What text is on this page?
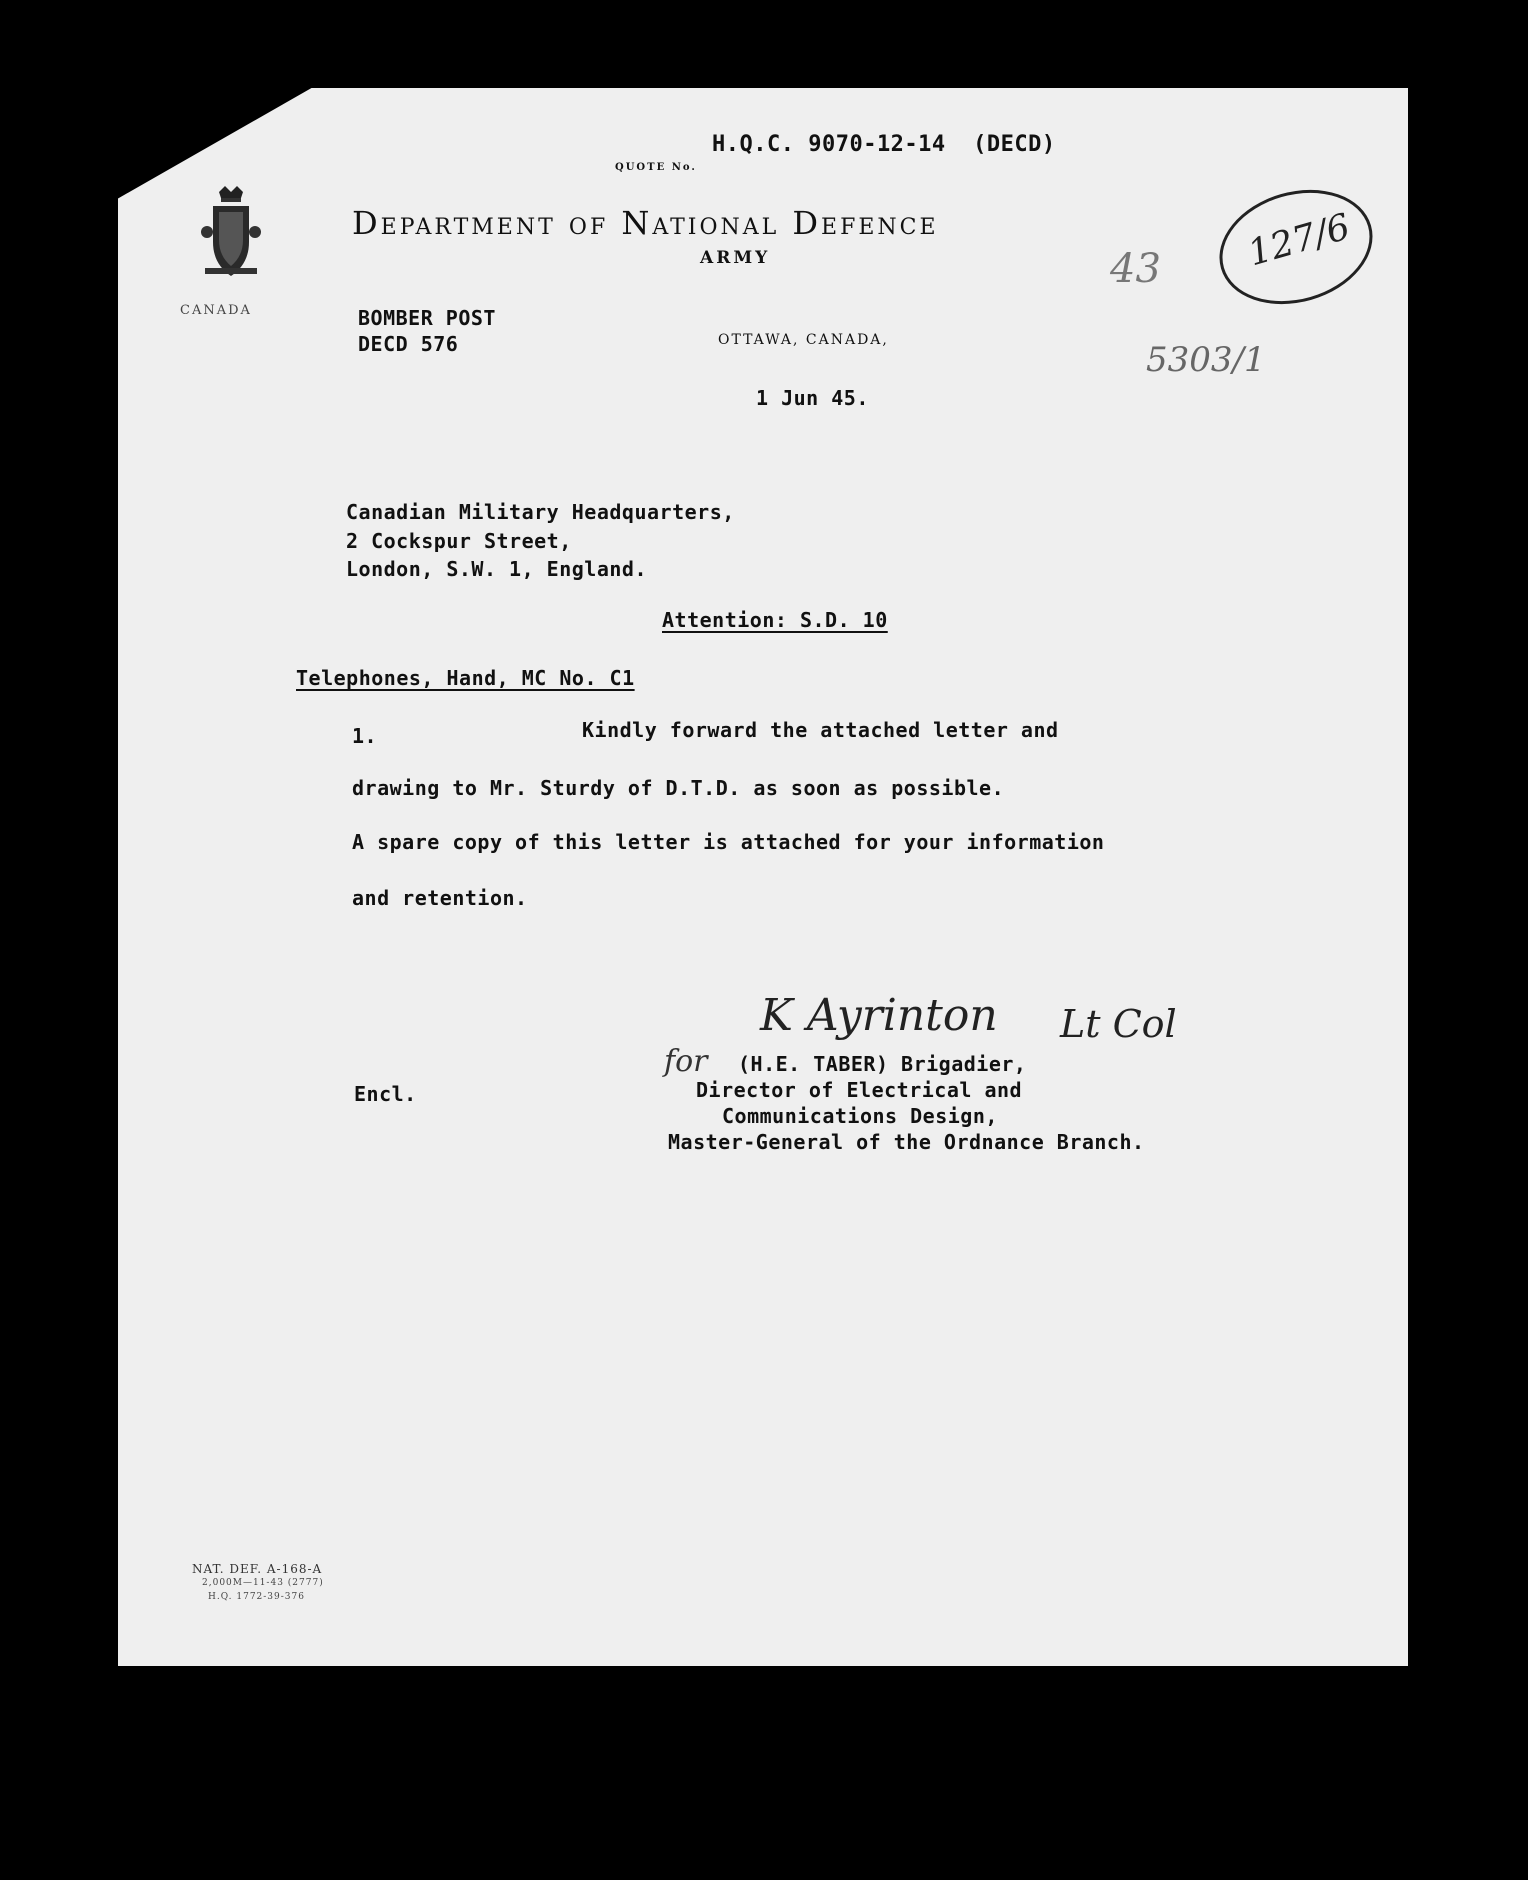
CANADA

H.Q.C. 9070-12-14  (DECD)
QUOTE No.
Department of National Defence
ARMY
OTTAWA, CANADA,
1 Jun 45.
BOMBER POST
DECD 576
43

127/6

5303/1
Canadian Military Headquarters,
2 Cockspur Street,
London, S.W. 1, England.
Attention: S.D. 10
Telephones, Hand, MC No. C1
1.	Kindly forward the attached letter and
drawing to Mr. Sturdy of D.T.D. as soon as possible.
A spare copy of this letter is attached for your information
and retention.
K Ayrinton Lt Col
for (H.E. TABER) Brigadier,
Director of Electrical and
Communications Design,
Master-General of the Ordnance Branch.
Encl.
NAT. DEF. A-168-A
2,000M—11-43 (2777)
H.Q. 1772-39-376
